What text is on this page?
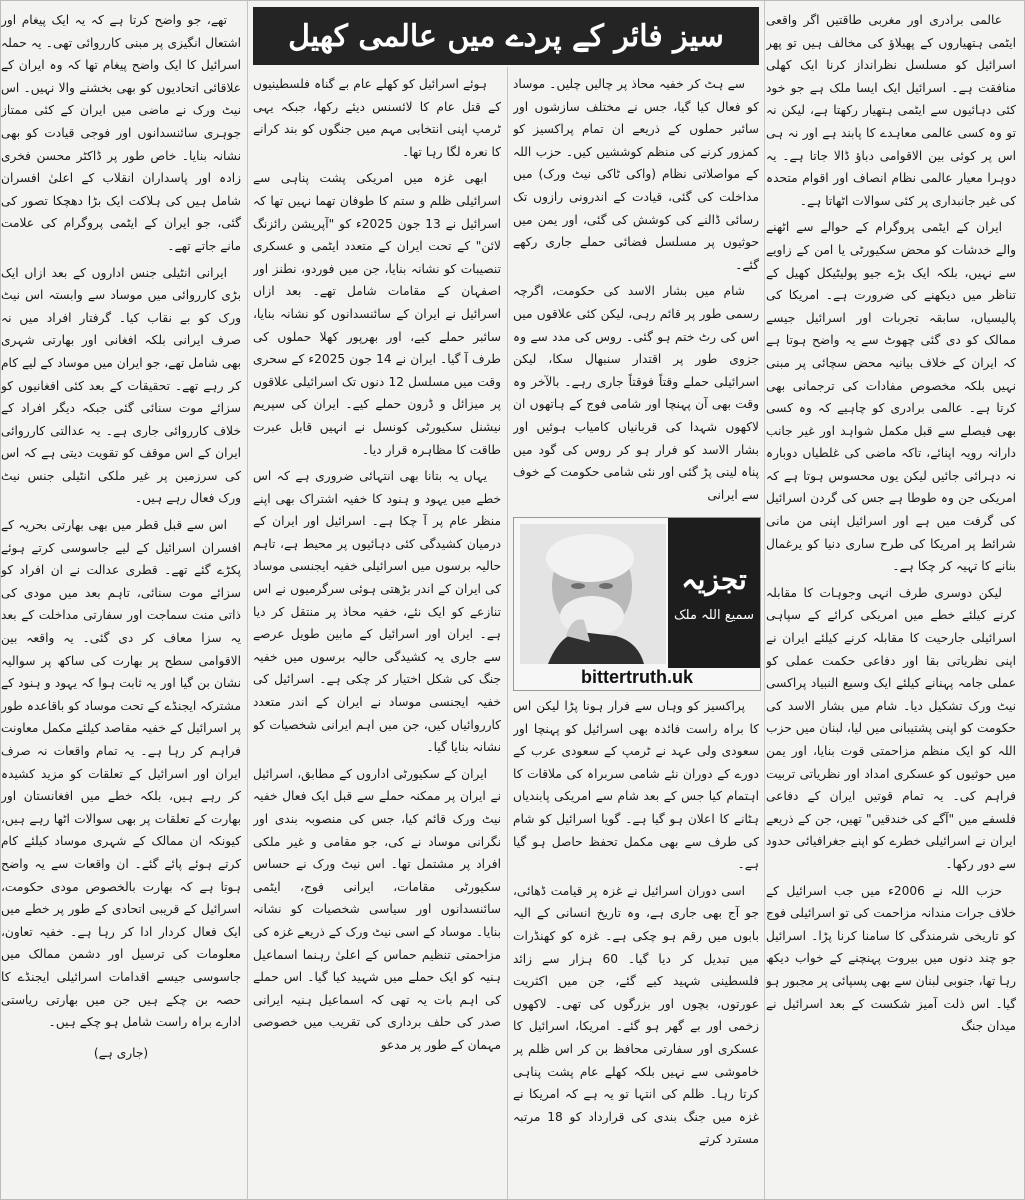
عالمی برادری اور مغربی طاقتیں اگر واقعی ایٹمی ہتھیاروں کے پھیلاؤ کی مخالف ہیں تو پھر اسرائیل کو مسلسل نظرانداز کرنا ایک کھلی منافقت ہے۔ اسرائیل ایک ایسا ملک ہے جو خود کئی دہائیوں سے ایٹمی ہتھیار رکھتا ہے، لیکن نہ تو وہ کسی عالمی معاہدے کا پابند ہے اور نہ ہی اس پر کوئی بین الاقوامی دباؤ ڈالا جاتا ہے۔ یہ دوہرا معیار عالمی نظام انصاف اور اقوام متحدہ کی غیر جانبداری پر کئی سوالات اٹھاتا ہے۔

ایران کے ایٹمی پروگرام کے حوالے سے اٹھنے والے خدشات کو محض سکیورٹی یا امن کے زاویے سے نہیں، بلکہ ایک بڑے جیو پولیٹیکل کھیل کے تناظر میں دیکھنے کی ضرورت ہے۔ امریکا کی پالیسیاں، سابقہ تجربات اور اسرائیل جیسے ممالک کو دی گئی چھوٹ سے یہ واضح ہوتا ہے کہ ایران کے خلاف بیانیہ محض سچائی پر مبنی نہیں بلکہ مخصوص مفادات کی ترجمانی بھی کرتا ہے۔ عالمی برادری کو چاہیے کہ وہ کسی بھی فیصلے سے قبل مکمل شواہد اور غیر جانب دارانہ رویہ اپنائے، تاکہ ماضی کی غلطیاں دوبارہ نہ دہرائی جائیں لیکن یوں محسوس ہوتا ہے کہ امریکی جن وہ طوطا ہے جس کی گردن اسرائیل کی گرفت میں ہے اور اسرائیل اپنی من مانی شرائط پر امریکا کی طرح ساری دنیا کو یرغمال بنانے کا تہیہ کر چکا ہے۔

لیکن دوسری طرف انہی وجوہات کا مقابلہ کرنے کیلئے خطے میں امریکی کرائے کے سپاہی اسرائیلی جارحیت کا مقابلہ کرنے کیلئے ایران نے اپنی نظریاتی بقا اور دفاعی حکمت عملی کو عملی جامہ پہنانے کیلئے ایک وسیع النبیاد پراکسی نیٹ ورک تشکیل دیا۔ شام میں بشار الاسد کی حکومت کو اپنی پشتیبانی میں لیا، لبنان میں حزب اللہ کو ایک منظم مزاحمتی قوت بنایا، اور یمن میں حوثیوں کو عسکری امداد اور نظریاتی تربیت فراہم کی۔ یہ تمام قوتیں ایران کے دفاعی فلسفے میں "آگے کی خندقیں" تھیں، جن کے ذریعے ایران نے اسرائیلی خطرے کو اپنے جغرافیائی حدود سے دور رکھا۔

حزب اللہ نے 2006ء میں جب اسرائیل کے خلاف جرات مندانہ مزاحمت کی تو اسرائیلی فوج کو تاریخی شرمندگی کا سامنا کرنا پڑا۔ اسرائیل جو چند دنوں میں بیروت پہنچنے کے خواب دیکھ رہا تھا، جنوبی لبنان سے بھی پسپائی پر مجبور ہو گیا۔ اس ذلت آمیز شکست کے بعد اسرائیل نے میدان جنگ

سیز فائر کے پردے میں عالمی کھیل

سے ہٹ کر خفیہ محاذ پر چالیں چلیں۔ موساد کو فعال کیا گیا، جس نے مختلف سازشوں اور سائبر حملوں کے ذریعے ان تمام پراکسیز کو کمزور کرنے کی منظم کوششیں کیں۔ حزب اللہ کے مواصلاتی نظام (واکی ٹاکی نیٹ ورک) میں مداخلت کی گئی، قیادت کے اندرونی رازوں تک رسائی ڈالنے کی کوشش کی گئی، اور یمن میں حوثیوں پر مسلسل فضائی حملے جاری رکھے گئے۔

شام میں بشار الاسد کی حکومت، اگرچہ رسمی طور پر قائم رہی، لیکن کئی علاقوں میں اس کی رٹ ختم ہو گئی۔ روس کی مدد سے وہ جزوی طور پر اقتدار سنبھال سکا، لیکن اسرائیلی حملے وقتاً فوقتاً جاری رہے۔ بالآخر وہ وقت بھی آن پہنچا اور شامی فوج کے ہاتھوں ان لاکھوں شہدا کی قربانیاں کامیاب ہوئیں اور بشار الاسد کو فرار ہو کر روس کی گود میں پناہ لینی پڑ گئی اور نئی شامی حکومت کے خوف سے ایرانی

تجزیہ
سمیع اللہ ملک
bittertruth.uk

پراکسیز کو وہاں سے فرار ہونا پڑا لیکن اس کا براہ راست فائدہ بھی اسرائیل کو پہنچا اور سعودی ولی عہد نے ٹرمپ کے سعودی عرب کے دورے کے دوران نئے شامی سربراہ کی ملاقات کا اہتمام کیا جس کے بعد شام سے امریکی پابندیاں ہٹانے کا اعلان ہو گیا ہے۔ گویا اسرائیل کو شام کی طرف سے بھی مکمل تحفظ حاصل ہو گیا ہے۔

اسی دوران اسرائیل نے غزہ پر قیامت ڈھائی، جو آج بھی جاری ہے، وہ تاریخ انسانی کے الیہ بابوں میں رقم ہو چکی ہے۔ غزہ کو کھنڈرات میں تبدیل کر دیا گیا۔ 60 ہزار سے زائد فلسطینی شہید کیے گئے، جن میں اکثریت عورتوں، بچوں اور بزرگوں کی تھی۔ لاکھوں زخمی اور بے گھر ہو گئے۔ امریکا، اسرائیل کا عسکری اور سفارتی محافظ بن کر اس ظلم پر خاموشی سے نہیں بلکہ کھلے عام پشت پناہی کرتا رہا۔ ظلم کی انتہا تو یہ ہے کہ امریکا نے غزہ میں جنگ بندی کی قرارداد کو 18 مرتبہ مسترد کرتے

ہوئے اسرائیل کو کھلے عام بے گناہ فلسطینیوں کے قتل عام کا لائسنس دیئے رکھا، جبکہ یہی ٹرمپ اپنی انتخابی مہم میں جنگوں کو بند کرانے کا نعرہ لگا رہا تھا۔

ابھی غزہ میں امریکی پشت پناہی سے اسرائیلی ظلم و ستم کا طوفان تھما نہیں تھا کہ اسرائیل نے 13 جون 2025ء کو "آپریشن رائزنگ لائن" کے تحت ایران کے متعدد ایٹمی و عسکری تنصیبات کو نشانہ بنایا، جن میں فوردو، نطنز اور اصفہان کے مقامات شامل تھے۔ بعد ازاں اسرائیل نے ایران کے سائنسدانوں کو نشانہ بنایا، سائبر حملے کیے، اور بھرپور کھلا حملوں کی طرف آ گیا۔ ایران نے 14 جون 2025ء کے سحری وقت میں مسلسل 12 دنوں تک اسرائیلی علاقوں پر میزائل و ڈرون حملے کیے۔ ایران کی سپریم نیشنل سکیورٹی کونسل نے انہیں قابل عبرت طاقت کا مظاہرہ قرار دیا۔

یہاں یہ بتانا بھی انتہائی ضروری ہے کہ اس خطے میں یہود و ہنود کا خفیہ اشتراک بھی اپنے منظر عام پر آ چکا ہے۔ اسرائیل اور ایران کے درمیان کشیدگی کئی دہائیوں پر محیط ہے، تاہم حالیہ برسوں میں اسرائیلی خفیہ ایجنسی موساد کی ایران کے اندر بڑھتی ہوئی سرگرمیوں نے اس تنازعے کو ایک نئے، خفیہ محاذ پر منتقل کر دیا ہے۔ ایران اور اسرائیل کے مابین طویل عرصے سے جاری یہ کشیدگی حالیہ برسوں میں خفیہ جنگ کی شکل اختیار کر چکی ہے۔ اسرائیل کی خفیہ ایجنسی موساد نے ایران کے اندر متعدد کارروائیاں کیں، جن میں اہم ایرانی شخصیات کو نشانہ بنایا گیا۔

ایران کے سکیورٹی اداروں کے مطابق، اسرائیل نے ایران پر ممکنہ حملے سے قبل ایک فعال خفیہ نیٹ ورک قائم کیا، جس کی منصوبہ بندی اور نگرانی موساد نے کی، جو مقامی و غیر ملکی افراد پر مشتمل تھا۔ اس نیٹ ورک نے حساس سکیورٹی مقامات، ایرانی فوج، ایٹمی سائنسدانوں اور سیاسی شخصیات کو نشانہ بنایا۔ موساد کے اسی نیٹ ورک کے ذریعے غزہ کی مزاحمتی تنظیم حماس کے اعلیٰ رہنما اسماعیل ہنیہ کو ایک حملے میں شہید کیا گیا۔ اس حملے کی اہم بات یہ تھی کہ اسماعیل ہنیہ ایرانی صدر کی حلف برداری کی تقریب میں خصوصی مہمان کے طور پر مدعو

تھے، جو واضح کرتا ہے کہ یہ ایک پیغام اور اشتعال انگیزی پر مبنی کارروائی تھی۔ یہ حملہ اسرائیل کا ایک واضح پیغام تھا کہ وہ ایران کے علاقائی اتحادیوں کو بھی بخشنے والا نہیں۔ اس نیٹ ورک نے ماضی میں ایران کے کئی ممتاز جوہری سائنسدانوں اور فوجی قیادت کو بھی نشانہ بنایا۔ خاص طور پر ڈاکٹر محسن فخری زادہ اور پاسداران انقلاب کے اعلیٰ افسران شامل ہیں کی ہلاکت ایک بڑا دھچکا تصور کی گئی، جو ایران کے ایٹمی پروگرام کی علامت مانے جاتے تھے۔

ایرانی انٹیلی جنس اداروں کے بعد ازاں ایک بڑی کارروائی میں موساد سے وابستہ اس نیٹ ورک کو بے نقاب کیا۔ گرفتار افراد میں نہ صرف ایرانی بلکہ افغانی اور بھارتی شہری بھی شامل تھے، جو ایران میں موساد کے لیے کام کر رہے تھے۔ تحقیقات کے بعد کئی افغانیوں کو سزائے موت سنائی گئی جبکہ دیگر افراد کے خلاف کارروائی جاری ہے۔ یہ عدالتی کارروائی ایران کے اس موقف کو تقویت دیتی ہے کہ اس کی سرزمین پر غیر ملکی انٹیلی جنس نیٹ ورک فعال رہے ہیں۔

اس سے قبل قطر میں بھی بھارتی بحریہ کے افسران اسرائیل کے لیے جاسوسی کرتے ہوئے پکڑے گئے تھے۔ قطری عدالت نے ان افراد کو سزائے موت سنائی، تاہم بعد میں مودی کی ذاتی منت سماجت اور سفارتی مداخلت کے بعد یہ سزا معاف کر دی گئی۔ یہ واقعہ بین الاقوامی سطح پر بھارت کی ساکھ پر سوالیہ نشان بن گیا اور یہ ثابت ہوا کہ یہود و ہنود کے مشترکہ ایجنڈے کے تحت موساد کو باقاعدہ طور پر اسرائیل کے خفیہ مقاصد کیلئے مکمل معاونت فراہم کر رہا ہے۔ یہ تمام واقعات نہ صرف ایران اور اسرائیل کے تعلقات کو مزید کشیدہ کر رہے ہیں، بلکہ خطے میں افغانستان اور بھارت کے تعلقات پر بھی سوالات اٹھا رہے ہیں، کیونکہ ان ممالک کے شہری موساد کیلئے کام کرتے ہوئے پائے گئے۔ ان واقعات سے یہ واضح ہوتا ہے کہ بھارت بالخصوص مودی حکومت، اسرائیل کے قریبی اتحادی کے طور پر خطے میں ایک فعال کردار ادا کر رہا ہے۔ خفیہ تعاون، معلومات کی ترسیل اور دشمن ممالک میں جاسوسی جیسے اقدامات اسرائیلی ایجنڈے کا حصہ بن چکے ہیں جن میں بھارتی ریاستی ادارے براہ راست شامل ہو چکے ہیں۔

(جاری ہے)
